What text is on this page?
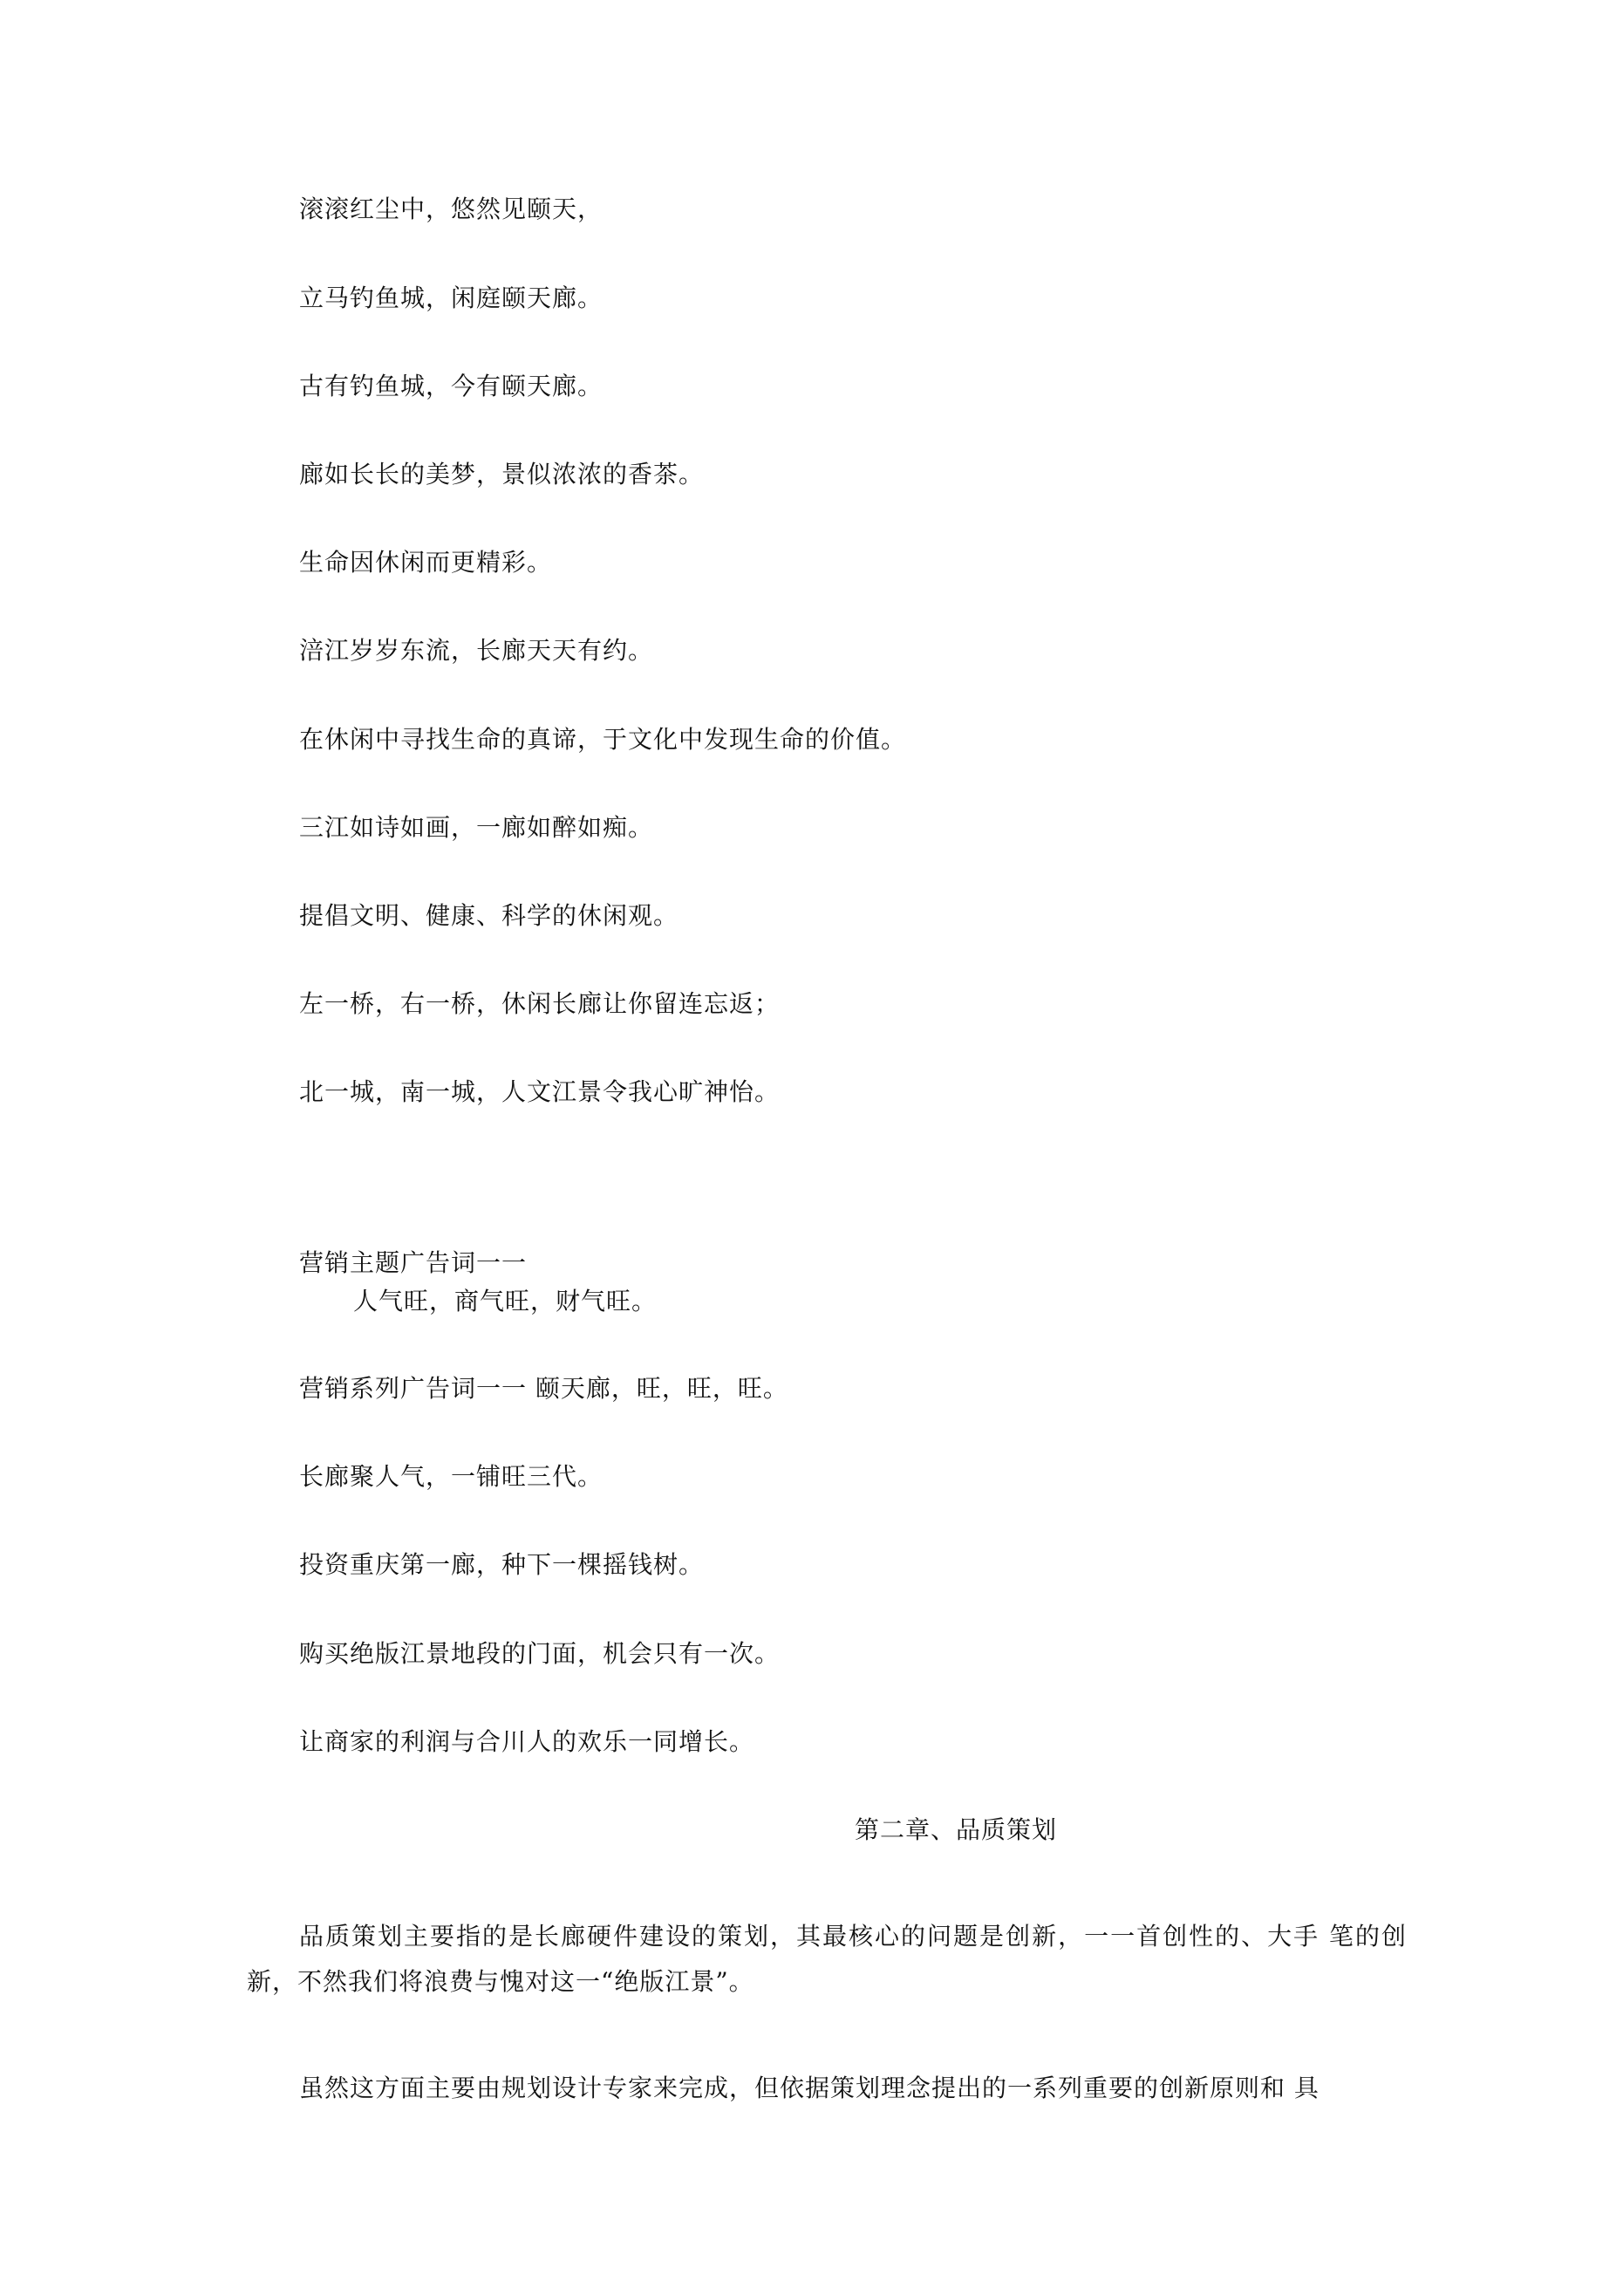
滚滚红尘中，悠然见颐天，
立马钓鱼城，闲庭颐天廊。
古有钓鱼城，今有颐天廊。
廊如长长的美梦，景似浓浓的香茶。
生命因休闲而更精彩。
涪江岁岁东流，长廊天天有约。
在休闲中寻找生命的真谛，于文化中发现生命的价值。
三江如诗如画，一廊如醉如痴。
提倡文明、健康、科学的休闲观。
左一桥，右一桥，休闲长廊让你留连忘返；
北一城，南一城，人文江景令我心旷神怡。
营销主题广告词一一
人气旺，商气旺，财气旺。
营销系列广告词一一 颐天廊，旺，旺，旺。
长廊聚人气，一铺旺三代。
投资重庆第一廊，种下一棵摇钱树。
购买绝版江景地段的门面，机会只有一次。
让商家的利润与合川人的欢乐一同增长。
第二章、品质策划
品质策划主要指的是长廊硬件建设的策划，其最核心的问题是创新，一一首创性的、大手 笔的创新，不然我们将浪费与愧对这一“绝版江景”。
虽然这方面主要由规划设计专家来完成，但依据策划理念提出的一系列重要的创新原则和 具
